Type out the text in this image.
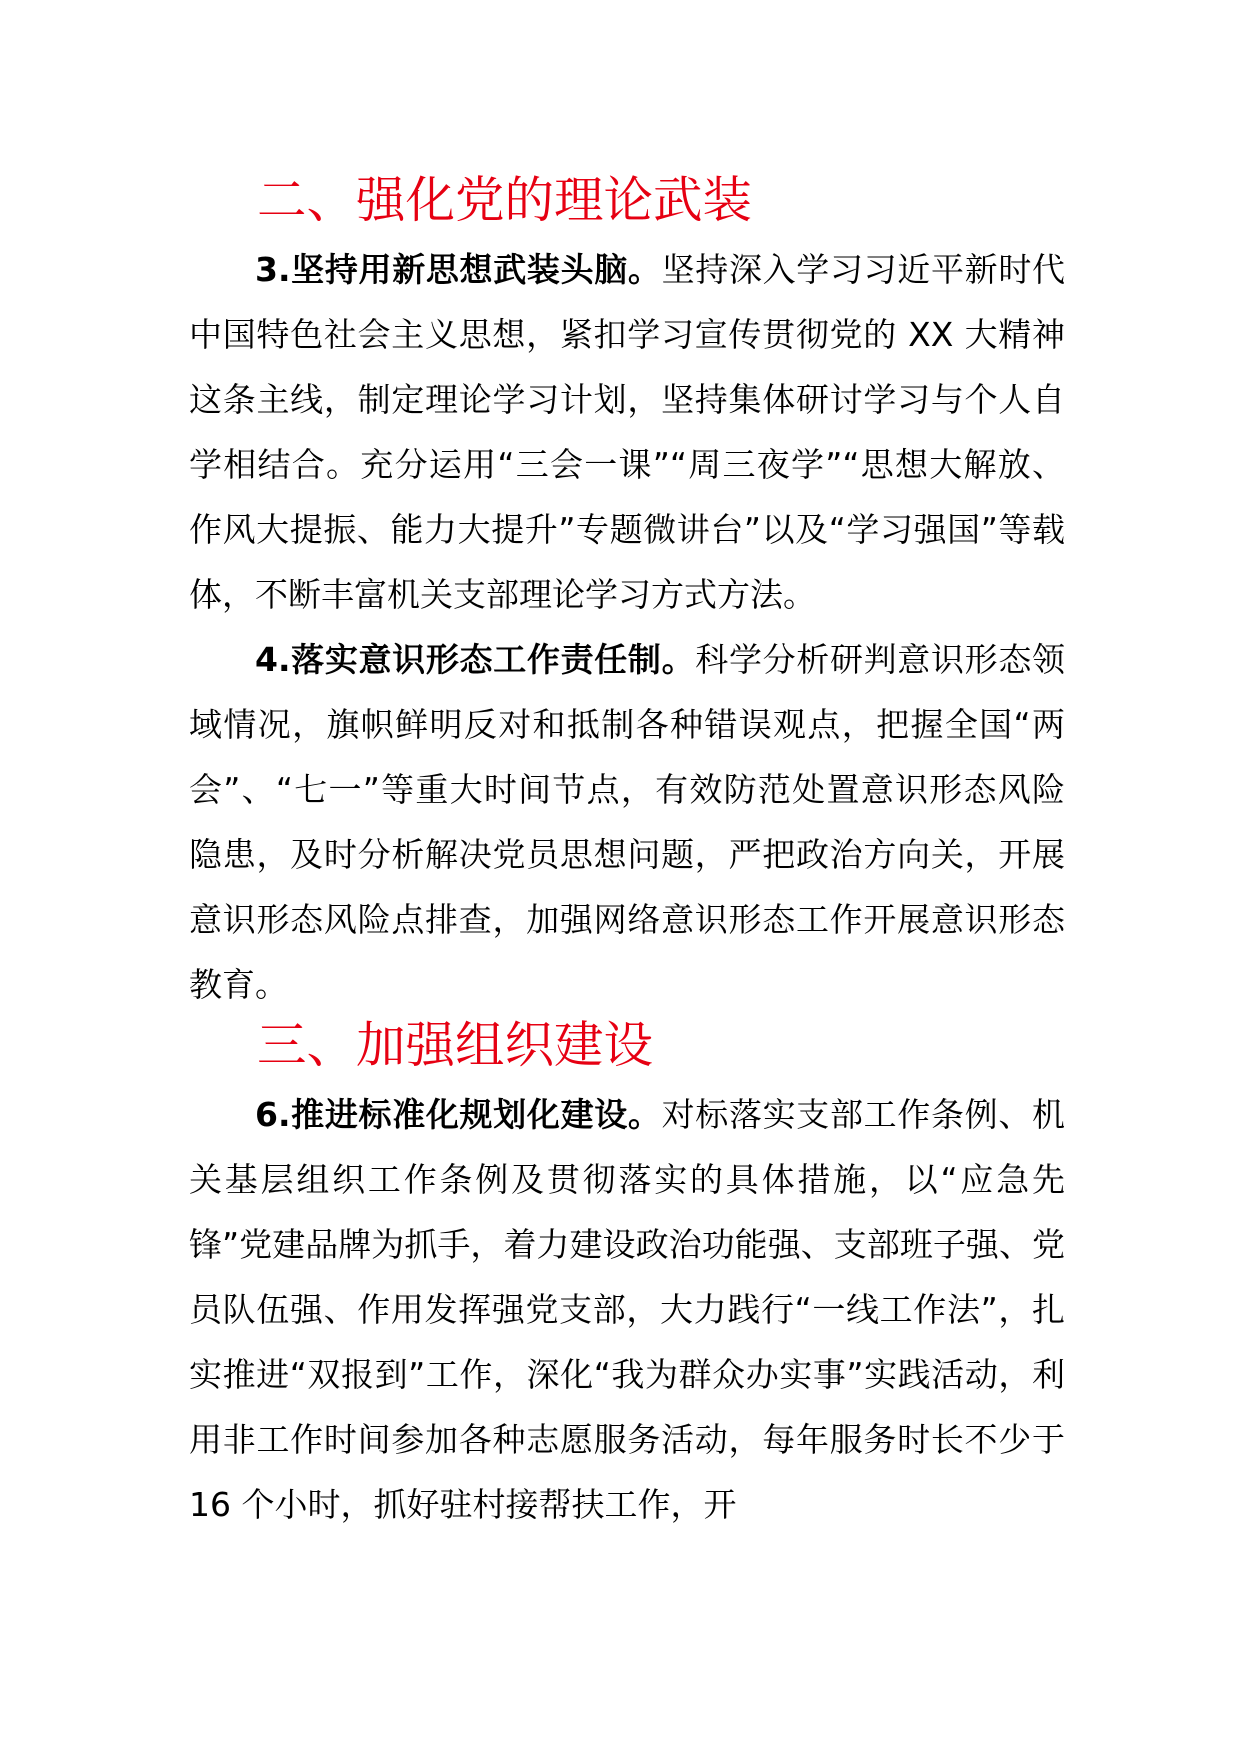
二、强化党的理论武装

3.坚持用新思想武装头脑。坚持深入学习习近平新时代中国特色社会主义思想，紧扣学习宣传贯彻党的 XX 大精神这条主线，制定理论学习计划，坚持集体研讨学习与个人自学相结合。充分运用“三会一课”“周三夜学”“思想大解放、作风大提振、能力大提升”专题微讲台”以及“学习强国”等载体，不断丰富机关支部理论学习方式方法。

4.落实意识形态工作责任制。科学分析研判意识形态领域情况，旗帜鲜明反对和抵制各种错误观点，把握全国“两会”、“七一”等重大时间节点，有效防范处置意识形态风险隐患，及时分析解决党员思想问题，严把政治方向关，开展意识形态风险点排查，加强网络意识形态工作开展意识形态教育。

三、加强组织建设

6.推进标准化规划化建设。对标落实支部工作条例、机关基层组织工作条例及贯彻落实的具体措施，以“应急先锋”党建品牌为抓手，着力建设政治功能强、支部班子强、党员队伍强、作用发挥强党支部，大力践行“一线工作法”，扎实推进“双报到”工作，深化“我为群众办实事”实践活动，利用非工作时间参加各种志愿服务活动，每年服务时长不少于 16 个小时，抓好驻村接帮扶工作，开
